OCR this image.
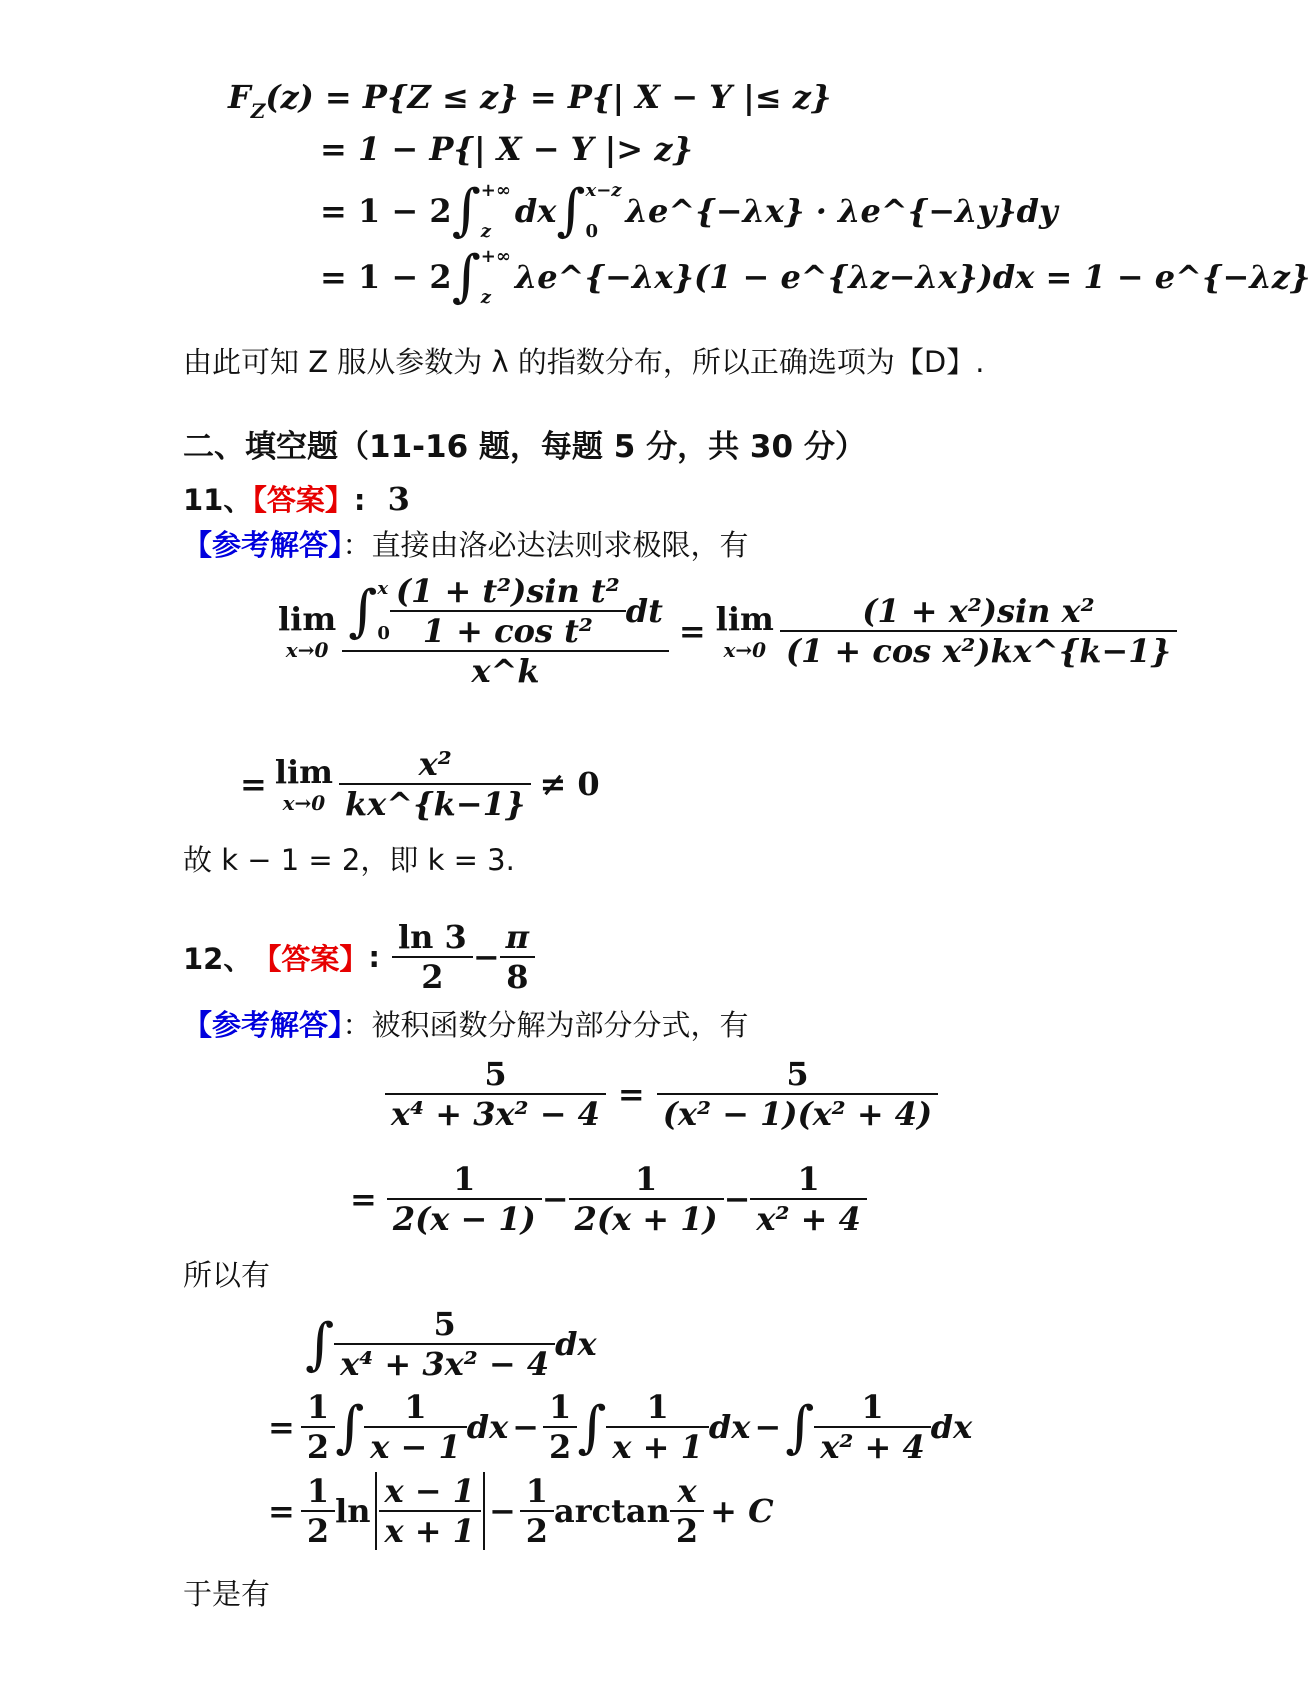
$F_Z(z) = P\{Z \le z\} = P\{|$ X − Y |≤ z}
= 1 − P{| X − Y |> z}
= 1 − 2 ∫ +∞
z
dx ∫ x−z
0
λe^{−λx} · λe^{−λy}dy
= 1 − 2 ∫ +∞
z
λe^{−λx}(1 − e^{λz−λx})dx = 1 − e^{−λz}
由此可知 Z 服从参数为 λ 的指数分布，所以正确选项为【D】.
二、填空题（11-16 题，每题 5 分，共 30 分）
11、【答案】: 3
【参考解答】：直接由洛必达法则求极限，有
lim
x→0
∫ x
$0 \frac{\text{(1 + t²)sin t²}}{\text{1 + cos t²}}$ dt
x^k
= lim
$x\to 0 \frac{\text{(1 + x²)sin x²}}{\text{(1 + cos x²)kx\textasciicircum{}\{k−1\}}}$
= lim
$x\to 0 \frac{\text{x²}}{kx\^{}\{k-1\}} \ne 0$
故 k − 1 = 2，即 k = 3.
12、 【答案】 : $\frac{\ln 3}{2} - \frac{\pi}{8}$
【参考解答】：被积函数分解为部分分式，有
$\frac{5}{\text{x⁴ + 3x² − 4}} = \frac{5}{\text{(x² − 1)(x² + 4)}}$
= $\frac{1}{2(x - 1)} - \frac{1}{2(x + 1)} - \frac{1}{\text{x² + 4}}$
所以有
∫ $\frac{5}{\text{x⁴ + 3x² − 4}}$ dx
= $\frac{1}{2}$ ∫ $\frac{1}{x - 1}$ dx − $\frac{1}{2}$ ∫ $\frac{1}{x + 1}$ dx − ∫ $\frac{1}{\text{x² + 4}}$ dx
= $\frac{1}{2}$ $\ln \frac{x - 1}{x + 1} - \frac{1}{2}$ $\arctan \frac{x}{2} + C$
于是有
